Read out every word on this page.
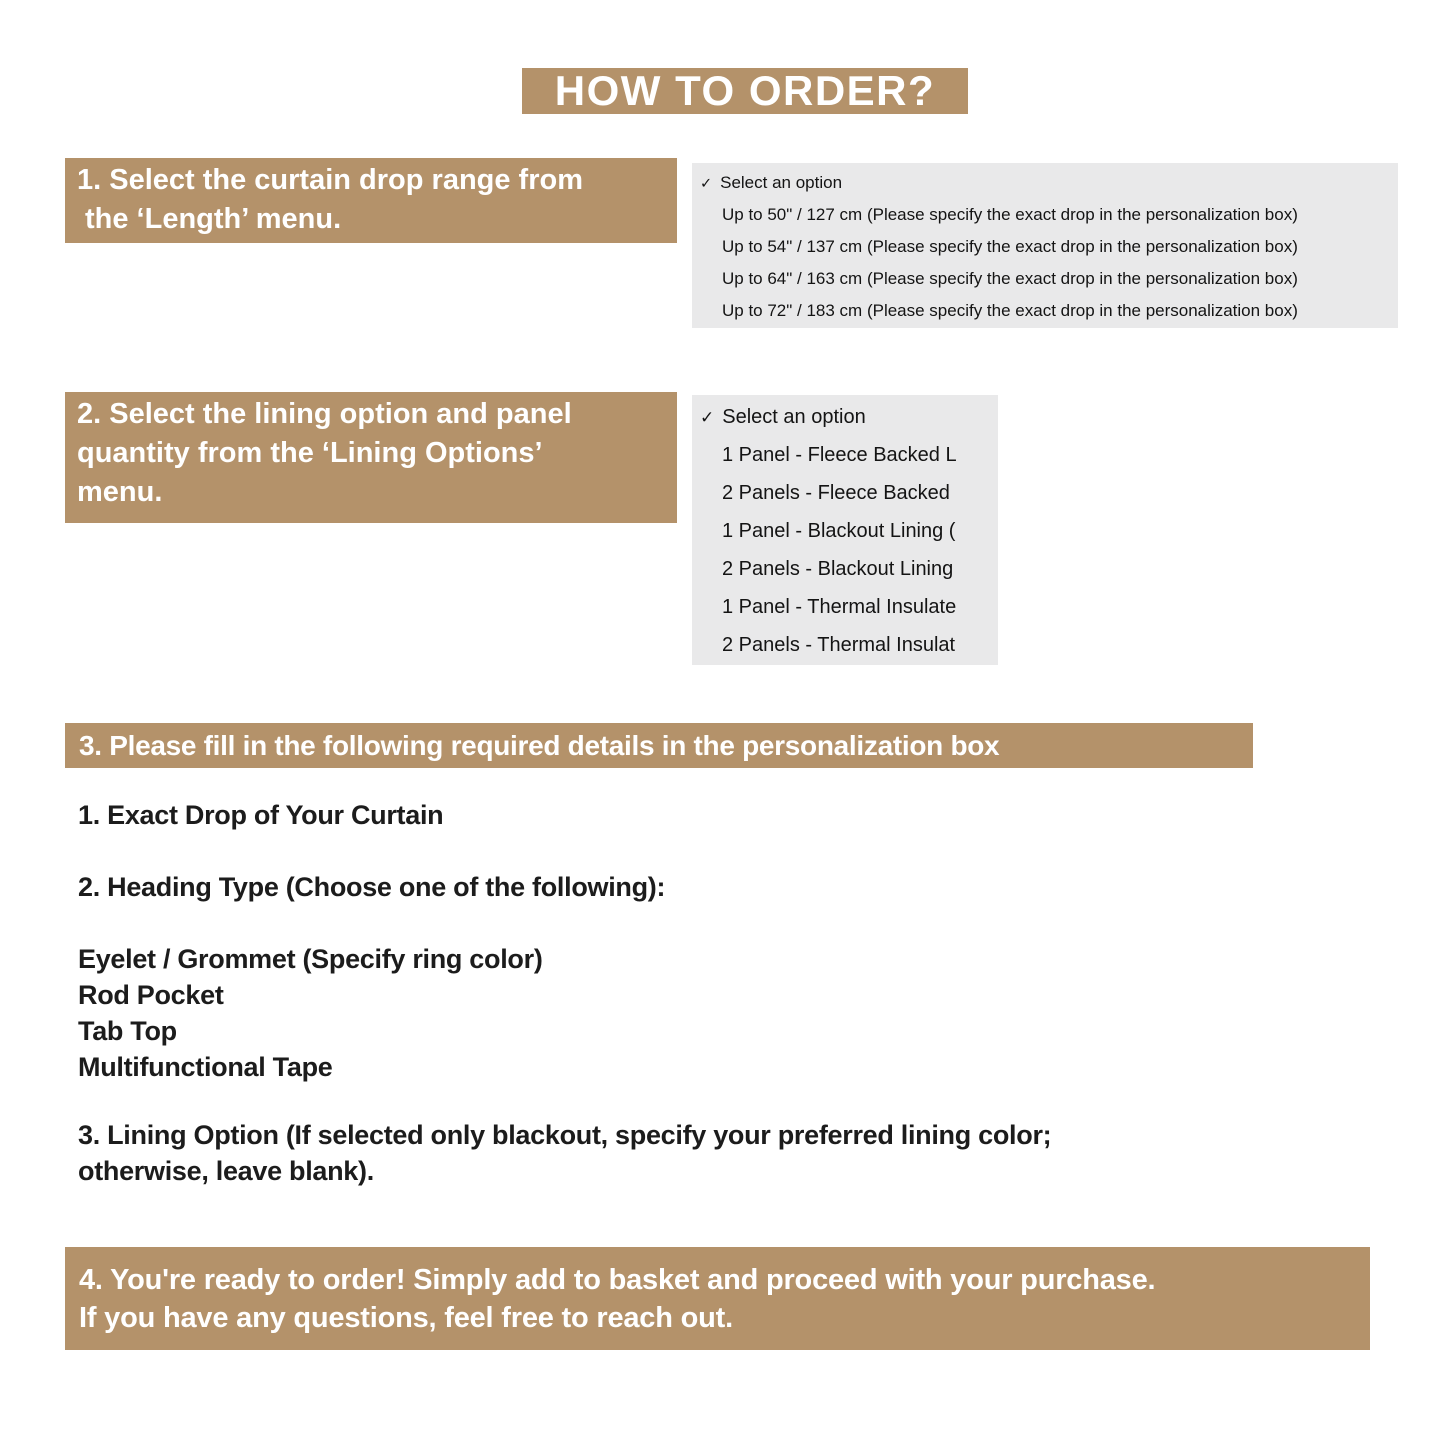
HOW TO ORDER?
1. Select the curtain drop range from
the ‘Length’ menu.
✓ Select an option
Up to 50" / 127 cm (Please specify the exact drop in the personalization box)
Up to 54" / 137 cm (Please specify the exact drop in the personalization box)
Up to 64" / 163 cm (Please specify the exact drop in the personalization box)
Up to 72" / 183 cm (Please specify the exact drop in the personalization box)
2. Select the lining option and panel
quantity from the ‘Lining Options’
menu.
✓ Select an option
1 Panel - Fleece Backed L
2 Panels - Fleece Backed
1 Panel - Blackout Lining (
2 Panels - Blackout Lining
1 Panel - Thermal Insulate
2 Panels - Thermal Insulat
3. Please fill in the following required details in the personalization box
1. Exact Drop of Your Curtain
2. Heading Type (Choose one of the following):
Eyelet / Grommet (Specify ring color)
Rod Pocket
Tab Top
Multifunctional Tape
3. Lining Option (If selected only blackout, specify your preferred lining color;
otherwise, leave blank).
4. You're ready to order! Simply add to basket and proceed with your purchase.
If you have any questions, feel free to reach out.
